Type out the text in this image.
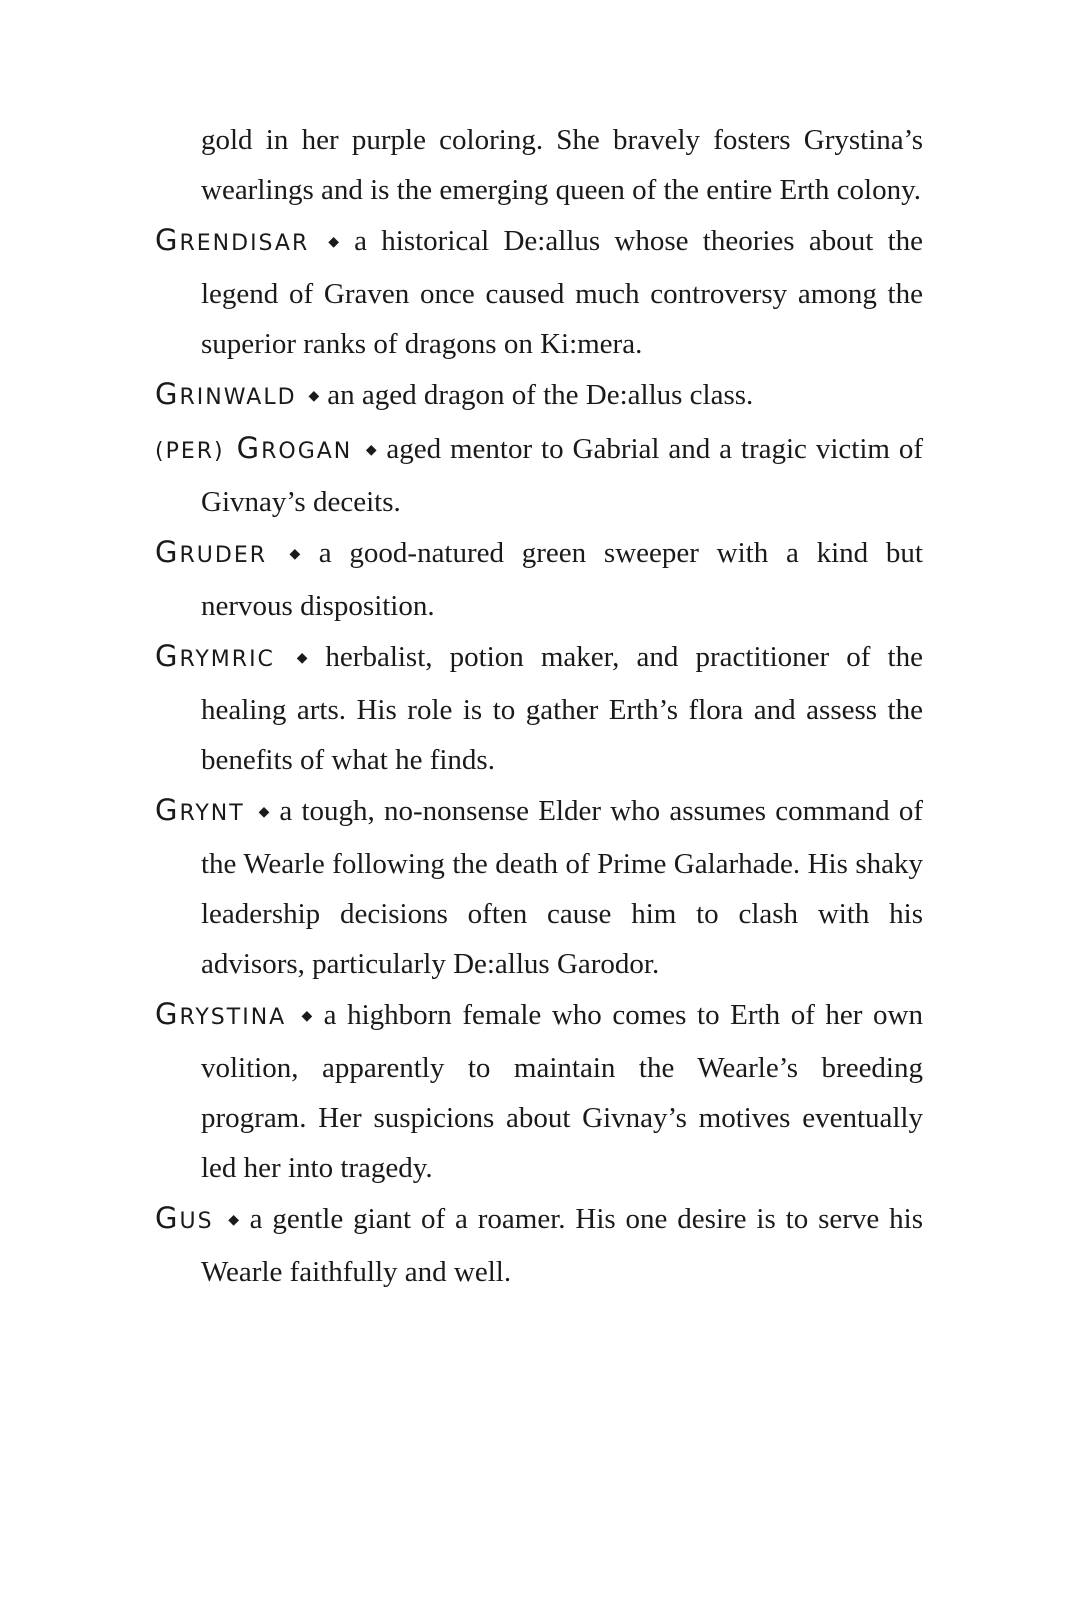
gold in her purple coloring. She bravely fosters Grystina’s wearlings and is the emerging queen of the entire Erth colony.

GRENDISAR ◆ a historical De:allus whose theories about the legend of Graven once caused much controversy among the superior ranks of dragons on Ki:mera.

GRINWALD ◆ an aged dragon of the De:allus class.

(PER) GROGAN ◆ aged mentor to Gabrial and a tragic victim of Givnay’s deceits.

GRUDER ◆ a good-natured green sweeper with a kind but nervous disposition.

GRYMRIC ◆ herbalist, potion maker, and practitioner of the healing arts. His role is to gather Erth’s flora and assess the benefits of what he finds.

GRYNT ◆ a tough, no-nonsense Elder who assumes command of the Wearle following the death of Prime Galarhade. His shaky leadership decisions often cause him to clash with his advisors, particularly De:allus Garodor.

GRYSTINA ◆ a highborn female who comes to Erth of her own volition, apparently to maintain the Wearle’s breeding program. Her suspicions about Givnay’s motives eventually led her into tragedy.

GUS ◆ a gentle giant of a roamer. His one desire is to serve his Wearle faithfully and well.
